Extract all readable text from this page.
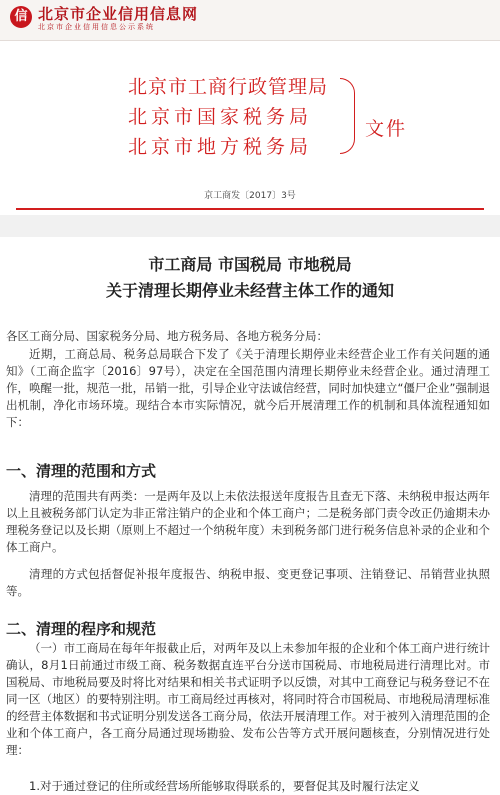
信 北京市企业信用信息网
北京市企业信用信息公示系统
北京市工商行政管理局
北京市国家税务局
北京市地方税务局
文件
京工商发〔2017〕3号
市工商局 市国税局 市地税局
关于清理长期停业未经营主体工作的通知
各区工商分局、国家税务分局、地方税务局、各地方税务分局：
近期，工商总局、税务总局联合下发了《关于清理长期停业未经营企业工作有关问题的通知》（工商企监字〔2016〕97号），决定在全国范围内清理长期停业未经营企业。通过清理工作，唤醒一批，规范一批，吊销一批，引导企业守法诚信经营，同时加快建立“僵尸企业”强制退出机制，净化市场环境。现结合本市实际情况，就今后开展清理工作的机制和具体流程通知如下：
一、清理的范围和方式
清理的范围共有两类：一是两年及以上未依法报送年度报告且查无下落、未纳税申报达两年以上且被税务部门认定为非正常注销户的企业和个体工商户；二是税务部门责令改正仍逾期未办理税务登记以及长期（原则上不超过一个纳税年度）未到税务部门进行税务信息补录的企业和个体工商户。
清理的方式包括督促补报年度报告、纳税申报、变更登记事项、注销登记、吊销营业执照等。
二、清理的程序和规范
（一）市工商局在每年年报截止后，对两年及以上未参加年报的企业和个体工商户进行统计确认，8月1日前通过市级工商、税务数据直连平台分送市国税局、市地税局进行清理比对。市国税局、市地税局要及时将比对结果和相关书式证明予以反馈，对其中工商登记与税务登记不在同一区（地区）的要特别注明。市工商局经过再核对，将同时符合市国税局、市地税局清理标准的经营主体数据和书式证明分别发送各工商分局，依法开展清理工作。对于被列入清理范围的企业和个体工商户，各工商分局通过现场勘验、发布公告等方式开展问题核查，分别情况进行处理：
1.对于通过登记的住所或经营场所能够取得联系的，要督促其及时履行法定义
